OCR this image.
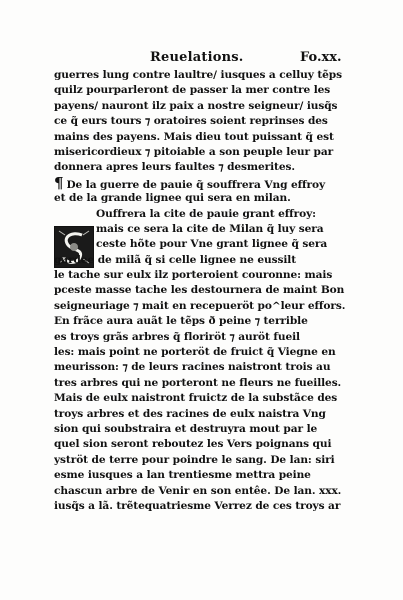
Reuelations.	Fo.xx.
guerres lung contre laultre/ iusques a celluy tẽps
quilz pourparleront de passer la mer contre les
payens/ nauront ilz paix a nostre seigneur/ iusq̃s
ce q̃ eurs tours ⁊ oratoires soient reprinses des
mains des payens. Mais dieu tout puissant q̃ est
misericordieux ⁊ pitoiable a son peuple leur par
donnera apres leurs faultes ⁊ desmerites.
¶ De la guerre de pauie q̃ souffrera Vng effroy
et de la grande lignee qui sera en milan.
Ouffrera la cite de pauie grant effroy:
mais ce sera la cite de Milan q̃ luy sera
ceste hõte pour Vne grant lignee q̃ sera
gardee de milã q̃ si celle lignee ne eussilt
le tache sur eulx ilz porteroient couronne: mais
pceste masse tache les destournera de maint Bon
seigneuriage ⁊ mait en recepueröt po^leur effors.
En frãce aura auãt le tẽps ð peine ⁊ terrible
es troys grãs arbres q̃ floriröt ⁊ auröt fueil
les: mais point ne porteröt de fruict q̃ Viegne en
meurisson: ⁊ de leurs racines naistront trois au
tres arbres qui ne porteront ne fleurs ne fueilles.
Mais de eulx naistront fruictz de la substãce des
troys arbres et des racines de eulx naistra Vng
sion qui soubstraira et destruyra mout par le
quel sion seront reboutez les Vers poignans qui
yströt de terre pour poindre le sang. De lan: siri
esme iusques a lan trentiesme mettra peine
chascun arbre de Venir en son entêe. De lan. xxx.
iusq̃s a lã. trẽtequatriesme Verrez de ces troys ar
